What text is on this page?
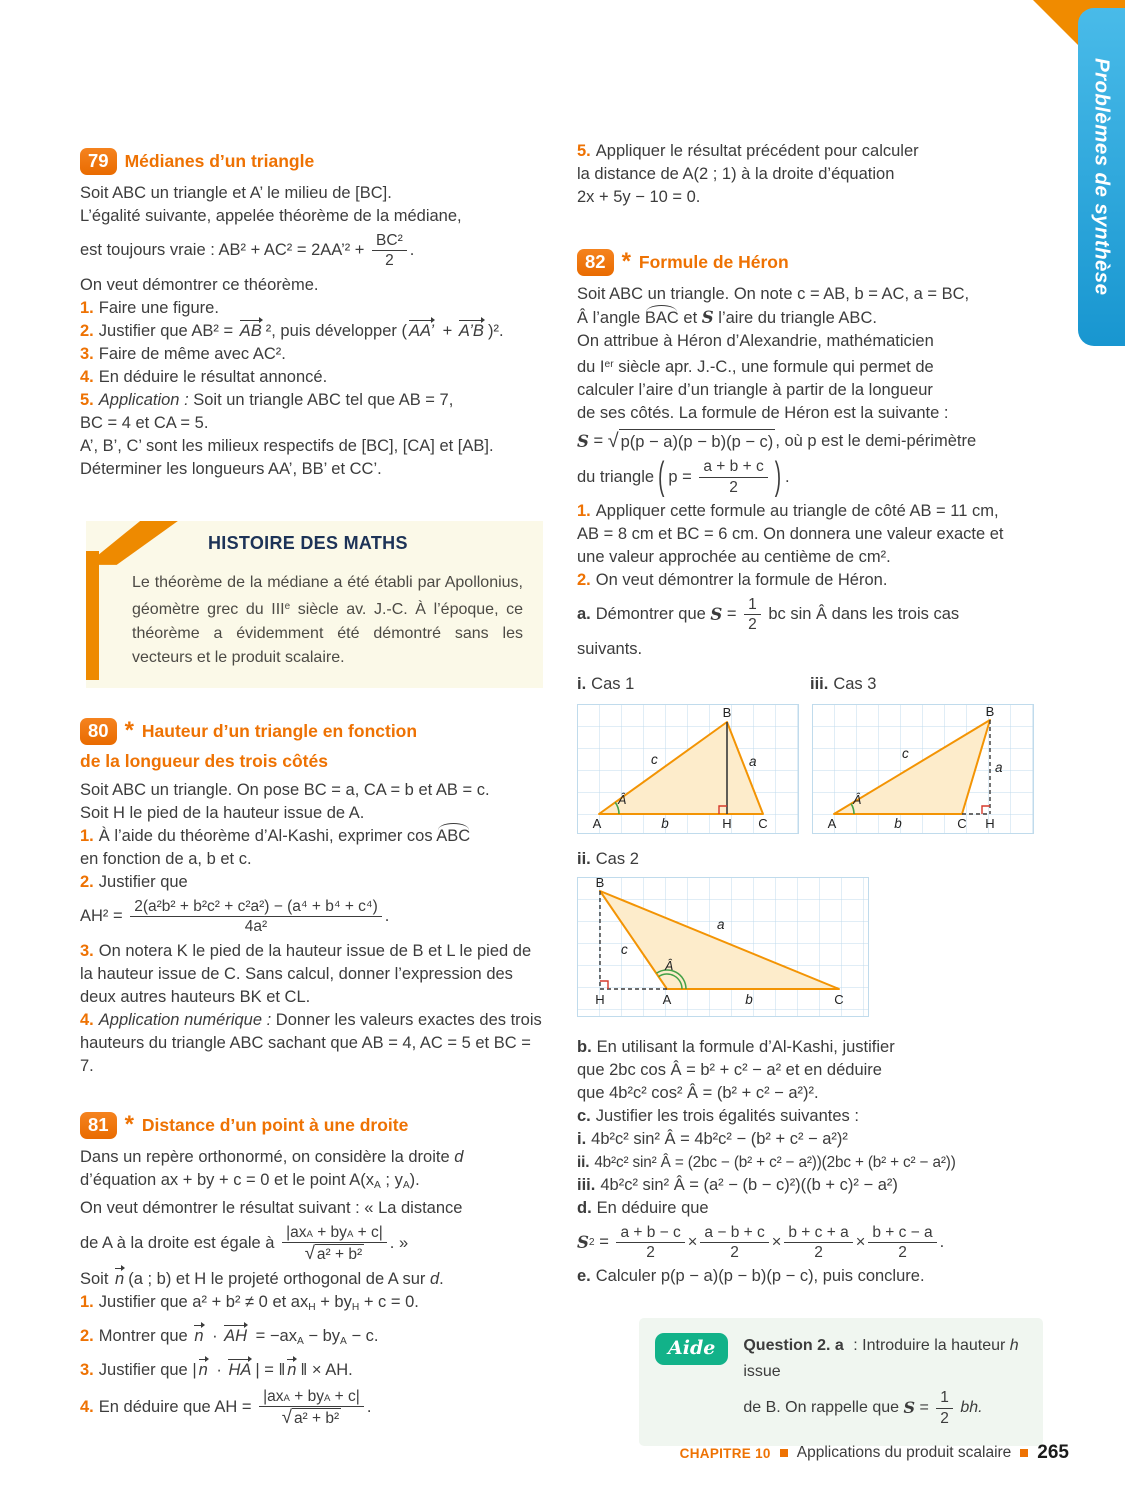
Problèmes de synthèse
79 Médianes d’un triangle

Soit ABC un triangle et A’ le milieu de [BC].

L’égalité suivante, appelée théorème de la médiane,

est toujours vraie : AB² + AC² = 2AA’² + $\frac{\text{BC²}}{2}$ .

On veut démontrer ce théorème.

1. Faire une figure.

2. Justifier que AB² = AB ², puis développer ( AA’ + A’B )².

3. Faire de même avec AC².

4. En déduire le résultat annoncé.

5. Application : Soit un triangle ABC tel que AB = 7,

BC = 4 et CA = 5.

A’, B’, C’ sont les milieux respectifs de [BC], [CA] et [AB].

Déterminer les longueurs AA’, BB’ et CC’.

HISTOIRE DES MATHS

Le théorème de la médiane a été établi par Apollonius, géomètre grec du IIIe siècle av. J.-C. À l’époque, ce théorème a évidemment été démontré sans les vecteurs et le produit scalaire.

80 * Hauteur d’un triangle en fonction

de la longueur des trois côtés

Soit ABC un triangle. On pose BC = a, CA = b et AB = c.

Soit H le pied de la hauteur issue de A.

1. À l’aide du théorème d’Al-Kashi, exprimer cos ABC

en fonction de a, b et c.

2. Justifier que

$AH^2 = \frac{\text{2(a²b² + b²c² + c²a²) − (a⁴ + b⁴ + c⁴)}}{\text{4a²}}$ .

3. On notera K le pied de la hauteur issue de B et L le pied de la hauteur issue de C. Sans calcul, donner l’expression des deux autres hauteurs BK et CL.

4. Application numérique : Donner les valeurs exactes des trois hauteurs du triangle ABC sachant que AB = 4, AC = 5 et BC = 7.

81 * Distance d’un point à une droite

Dans un repère orthonormé, on considère la droite d

d’équation ax + by + c = 0 et le point A(xA ; yA).

On veut démontrer le résultat suivant : « La distance

de A à la droite est égale à $\frac{\text{|ax A + by A + c|}}{\text{√ a² + b²}}$ . »

Soit n (a ; b) et H le projeté orthogonal de A sur d.

1. Justifier que a² + b² ≠ 0 et axH + byH + c = 0.

2. Montrer que n · AH = −axA − byA − c.

3. Justifier que | n · HA | = ‖ n ‖ × AH.

4. En déduire que AH = $\frac{\text{|ax A + by A + c|}}{\text{√ a² + b²}}$ .

5. Appliquer le résultat précédent pour calculer

la distance de A(2 ; 1) à la droite d’équation

2x + 5y − 10 = 0.

82 * Formule de Héron

Soit ABC un triangle. On note c = AB, b = AC, a = BC,

Â l’angle BAC et S l’aire du triangle ABC.

On attribue à Héron d’Alexandrie, mathématicien

du Ier siècle apr. J.-C., une formule qui permet de

calculer l’aire d’un triangle à partir de la longueur

de ses côtés. La formule de Héron est la suivante :

S = √ p(p − a)(p − b)(p − c) , où p est le demi-périmètre

du triangle ( $p = \frac{a + b + c}{2}$ ) .

1. Appliquer cette formule au triangle de côté AB = 11 cm,

AB = 8 cm et BC = 6 cm. On donnera une valeur exacte et

une valeur approchée au centième de cm².

2. On veut démontrer la formule de Héron.

a. Démontrer que $S = \frac{1}{2}$ bc sin Â dans les trois cas

suivants.

i. Cas 1	iii. Cas 3

B
c	a
Â
A	b	H C
B
c
a
Â
A	b	C H

ii. Cas 2

B
a
c
Â
H	A	b	C

b. En utilisant la formule d’Al-Kashi, justifier

que 2bc cos Â = b² + c² − a² et en déduire

que 4b²c² cos² Â = (b² + c² − a²)².

c. Justifier les trois égalités suivantes :

i. 4b²c² sin² Â = 4b²c² − (b² + c² − a²)²

ii. 4b²c² sin² Â = (2bc − (b² + c² − a²))(2bc + (b² + c² − a²))

iii. 4b²c² sin² Â = (a² − (b − c)²)((b + c)² − a²)

d. En déduire que

S $2 = \frac{a + b - c}{2} \times \frac{a - b + c}{2} \times \frac{b + c + a}{2} \times \frac{b + c - a}{2}$ .

e. Calculer p(p − a)(p − b)(p − c), puis conclure.

Aide	Question 2. a : Introduire la hauteur h issue

de B. On rappelle que $S = \frac{1}{2}$ bh.

CHAPITRE 10 Applications du produit scalaire 265
